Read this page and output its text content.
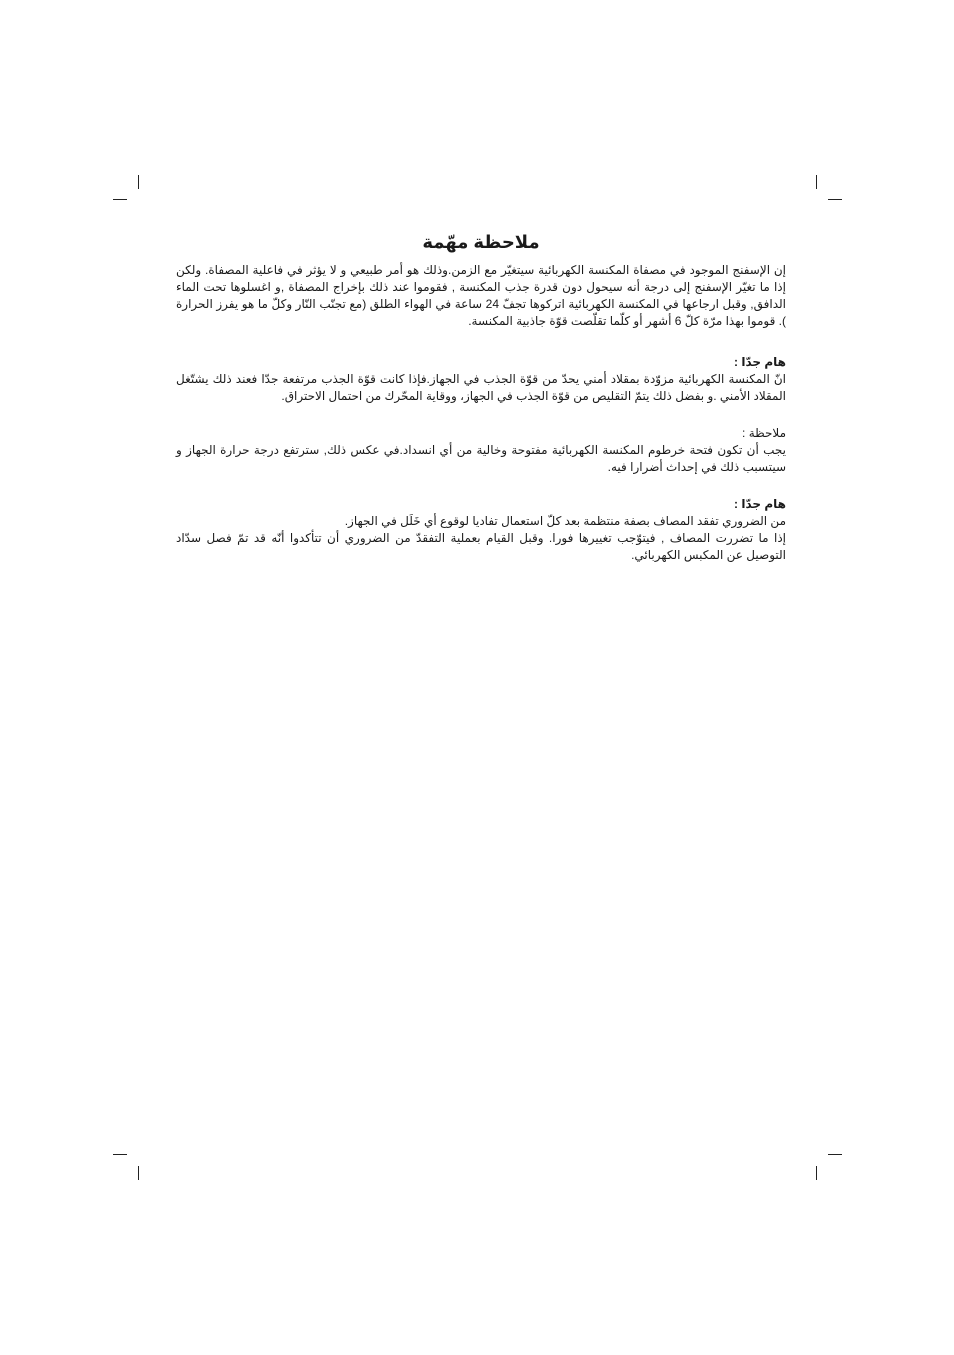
ملاحظة مهّمة

إن الإسفنج الموجود في مصفاة المكنسة الكهربائية سيتغيّر مع الزمن.وذلك هو أمر طبيعي و لا يؤثر في فاعلية المصفاة. ولكن إذا ما تغيّر الإسفنج إلى درجة أنه سيحول دون قدرة جذب المكنسة , فقوموا عند ذلك بإخراج المصفاة ,و اغسلوها تحت الماء الدافق, وقبل ارجاعها في المكنسة الكهربائية اتركوها تجفّ 24 ساعة في الهواء الطلق (مع تجنّب النّار وكلّ ما هو يفرز الحرارة ). قوموا بهذا مرّة كلّ 6 أشهر أو كلّما تقلّصت قوّة جاذبية المكنسة.

هام جدّا :

انّ المكنسة الكهربائية مزوّدة بمقلاد أمني يحدّ من قوّة الجذب في الجهاز.فإذا كانت قوّة الجذب مرتفعة جدّا فعند ذلك يشتّغل المقلاد الأمني .و بفضل ذلك يتمّ التقليص من قوّة الجذب في الجهاز، ووقاية المحّرك من احتمال الاحتراق.

ملاحظة :

يجب أن تكون فتحة خرطوم المكنسة الكهربائية مفتوحة وخالية من أي انسداد.في عكس ذلك, سترتفع درجة حرارة الجهاز و سيتسبب ذلك في إحداث أضرارا فيه.

هام جدّا :

من الضروري تفقد المصاف بصفة منتظمة بعد كلّ استعمال تفاديا لوقوع أي خَلَل في الجهاز.

إذا ما تضررت المصاف , فيتوّجب تغييرها فورا. وقبل القيام بعملية التفقدّ من الضروري أن تتأكدوا أنّه قد تمّ فصل سدّاد التوصيل عن المكبس الكهربائي.
